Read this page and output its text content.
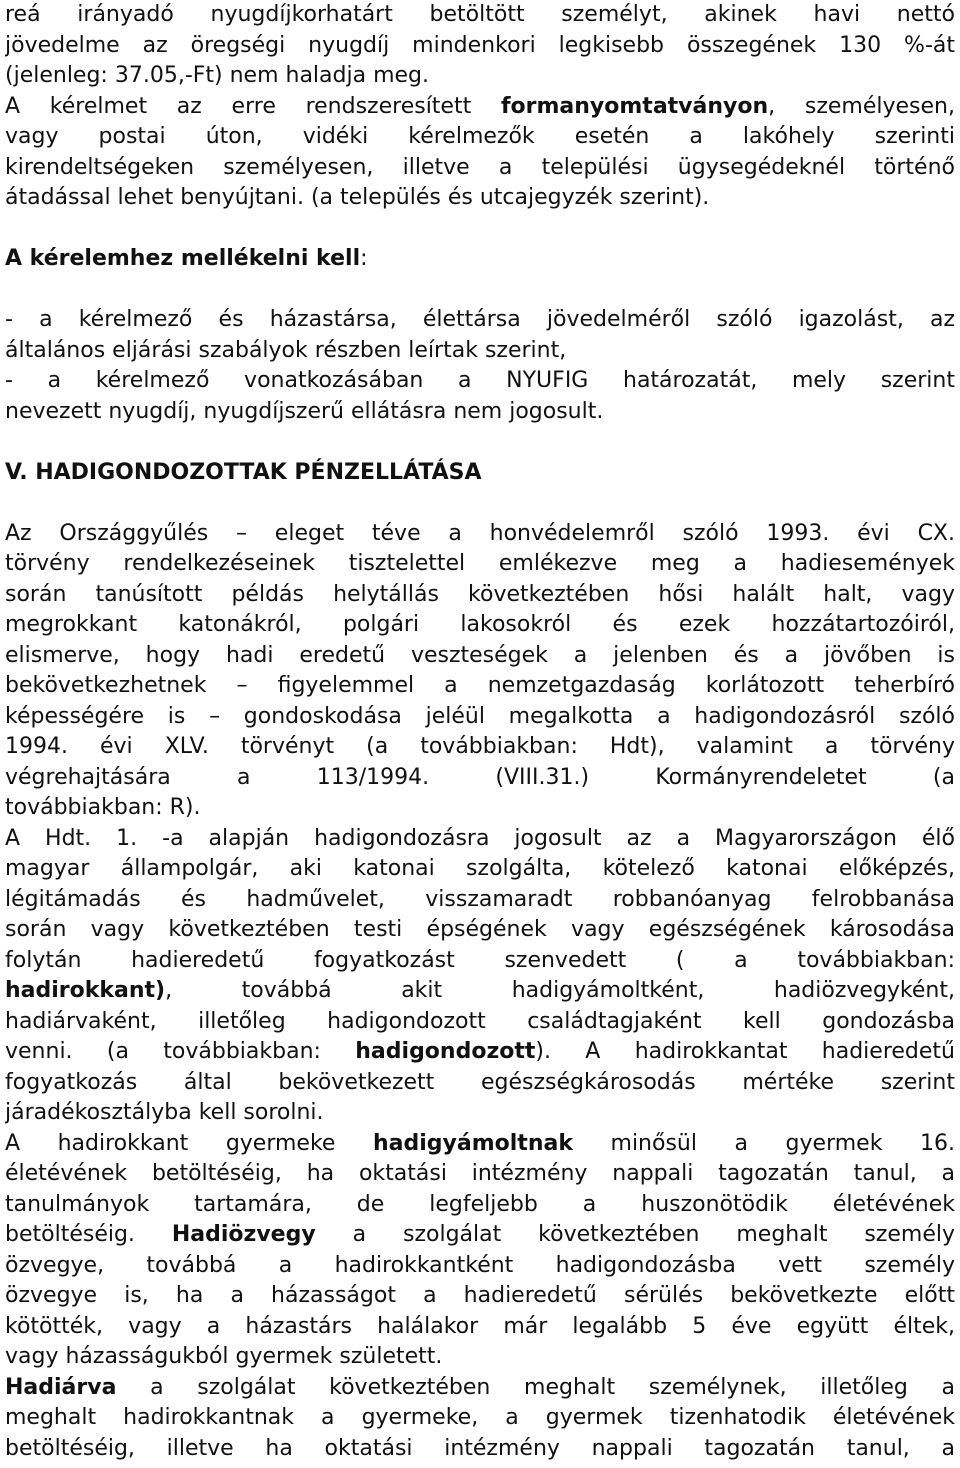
reá irányadó nyugdíjkorhatárt betöltött személyt, akinek havi nettó
jövedelme az öregségi nyugdíj mindenkori legkisebb összegének 130 %-át
(jelenleg: 37.05,-Ft) nem haladja meg.
A kérelmet az erre rendszeresített formanyomtatványon, személyesen,
vagy postai úton, vidéki kérelmezők esetén a lakóhely szerinti
kirendeltségeken személyesen, illetve a települési ügysegédeknél történő
átadással lehet benyújtani. (a település és utcajegyzék szerint).
A kérelemhez mellékelni kell:
- a kérelmező és házastársa, élettársa jövedelméről szóló igazolást, az
általános eljárási szabályok részben leírtak szerint,
- a kérelmező vonatkozásában a NYUFIG határozatát, mely szerint
nevezett nyugdíj, nyugdíjszerű ellátásra nem jogosult.
V. HADIGONDOZOTTAK PÉNZELLÁTÁSA
Az Országgyűlés – eleget téve a honvédelemről szóló 1993. évi CX.
törvény rendelkezéseinek tisztelettel emlékezve meg a hadiesemények
során tanúsított példás helytállás következtében hősi halált halt, vagy
megrokkant katonákról, polgári lakosokról és ezek hozzátartozóiról,
elismerve, hogy hadi eredetű veszteségek a jelenben és a jövőben is
bekövetkezhetnek – figyelemmel a nemzetgazdaság korlátozott teherbíró
képességére is – gondoskodása jeléül megalkotta a hadigondozásról szóló
1994. évi XLV. törvényt (a továbbiakban: Hdt), valamint a törvény
végrehajtására a 113/1994. (VIII.31.) Kormányrendeletet (a
továbbiakban: R).
A Hdt. 1. -a alapján hadigondozásra jogosult az a Magyarországon élő
magyar állampolgár, aki katonai szolgálta, kötelező katonai előképzés,
légitámadás és hadművelet, visszamaradt robbanóanyag felrobbanása
során vagy következtében testi épségének vagy egészségének károsodása
folytán hadieredetű fogyatkozást szenvedett ( a továbbiakban:
hadirokkant), továbbá akit hadigyámoltként, hadiözvegyként,
hadiárvaként, illetőleg hadigondozott családtagjaként kell gondozásba
venni. (a továbbiakban: hadigondozott). A hadirokkantat hadieredetű
fogyatkozás által bekövetkezett egészségkárosodás mértéke szerint
járadékosztályba kell sorolni.
A hadirokkant gyermeke hadigyámoltnak minősül a gyermek 16.
életévének betöltéséig, ha oktatási intézmény nappali tagozatán tanul, a
tanulmányok tartamára, de legfeljebb a huszonötödik életévének
betöltéséig. Hadiözvegy a szolgálat következtében meghalt személy
özvegye, továbbá a hadirokkantként hadigondozásba vett személy
özvegye is, ha a házasságot a hadieredetű sérülés bekövetkezte előtt
kötötték, vagy a házastárs halálakor már legalább 5 éve együtt éltek,
vagy házasságukból gyermek született.
Hadiárva a szolgálat következtében meghalt személynek, illetőleg a
meghalt hadirokkantnak a gyermeke, a gyermek tizenhatodik életévének
betöltéséig, illetve ha oktatási intézmény nappali tagozatán tanul, a
